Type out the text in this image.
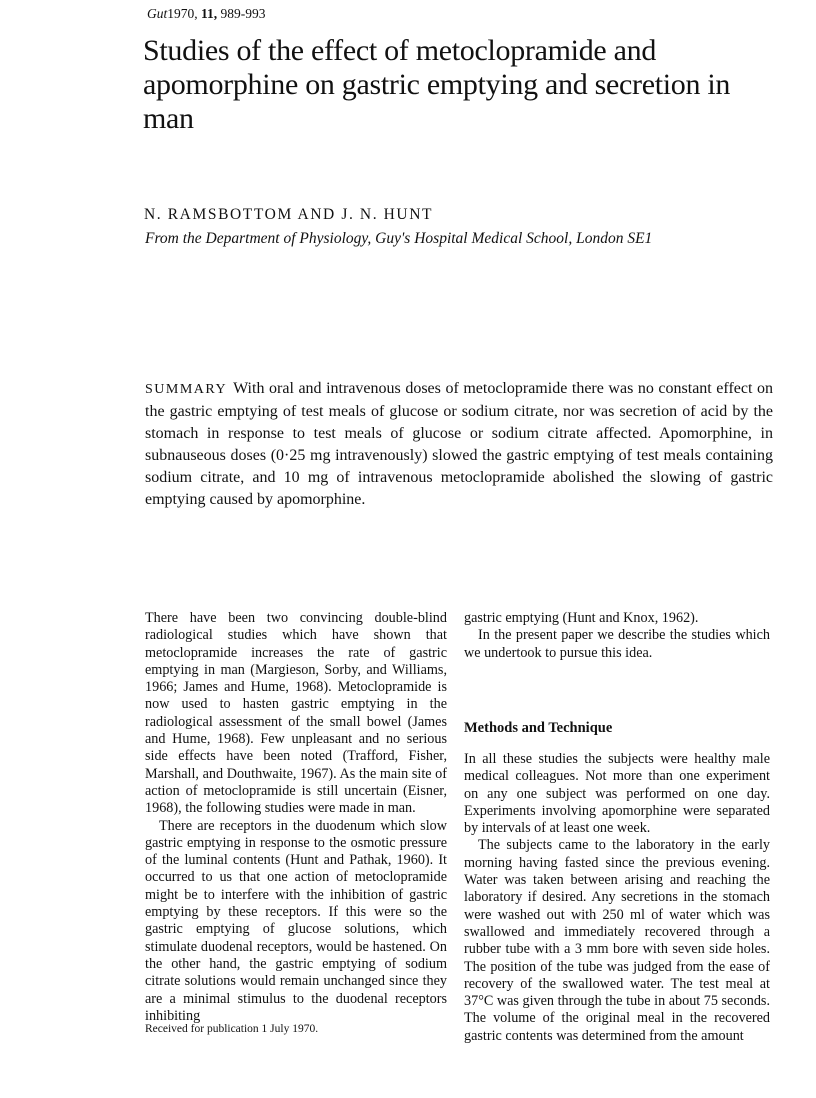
Gut1970, 11, 989-993
Studies of the effect of metoclopramide and apomorphine on gastric emptying and secretion in man
N. RAMSBOTTOM AND J. N. HUNT
From the Department of Physiology, Guy's Hospital Medical School, London SE1
SUMMARY With oral and intravenous doses of metoclopramide there was no constant effect on the gastric emptying of test meals of glucose or sodium citrate, nor was secretion of acid by the stomach in response to test meals of glucose or sodium citrate affected. Apomorphine, in subnauseous doses (0·25 mg intravenously) slowed the gastric emptying of test meals containing sodium citrate, and 10 mg of intravenous metoclopramide abolished the slowing of gastric emptying caused by apomorphine.

There have been two convincing double-blind radiological studies which have shown that metoclopramide increases the rate of gastric emptying in man (Margieson, Sorby, and Williams, 1966; James and Hume, 1968). Metoclopramide is now used to hasten gastric emptying in the radiological assessment of the small bowel (James and Hume, 1968). Few unpleasant and no serious side effects have been noted (Trafford, Fisher, Marshall, and Douthwaite, 1967). As the main site of action of metoclopramide is still uncertain (Eisner, 1968), the following studies were made in man.

There are receptors in the duodenum which slow gastric emptying in response to the osmotic pressure of the luminal contents (Hunt and Pathak, 1960). It occurred to us that one action of metoclopramide might be to interfere with the inhibition of gastric emptying by these receptors. If this were so the gastric emptying of glucose solutions, which stimulate duodenal receptors, would be hastened. On the other hand, the gastric emptying of sodium citrate solutions would remain unchanged since they are a minimal stimulus to the duodenal receptors inhibiting

gastric emptying (Hunt and Knox, 1962).

In the present paper we describe the studies which we undertook to pursue this idea.

Methods and Technique

In all these studies the subjects were healthy male medical colleagues. Not more than one experiment on any one subject was performed on one day. Experiments involving apomorphine were separated by intervals of at least one week.

The subjects came to the laboratory in the early morning having fasted since the previous evening. Water was taken between arising and reaching the laboratory if desired. Any secretions in the stomach were washed out with 250 ml of water which was swallowed and immediately recovered through a rubber tube with a 3 mm bore with seven side holes. The position of the tube was judged from the ease of recovery of the swallowed water. The test meal at 37°C was given through the tube in about 75 seconds. The volume of the original meal in the recovered gastric contents was determined from the amount

Received for publication 1 July 1970.
